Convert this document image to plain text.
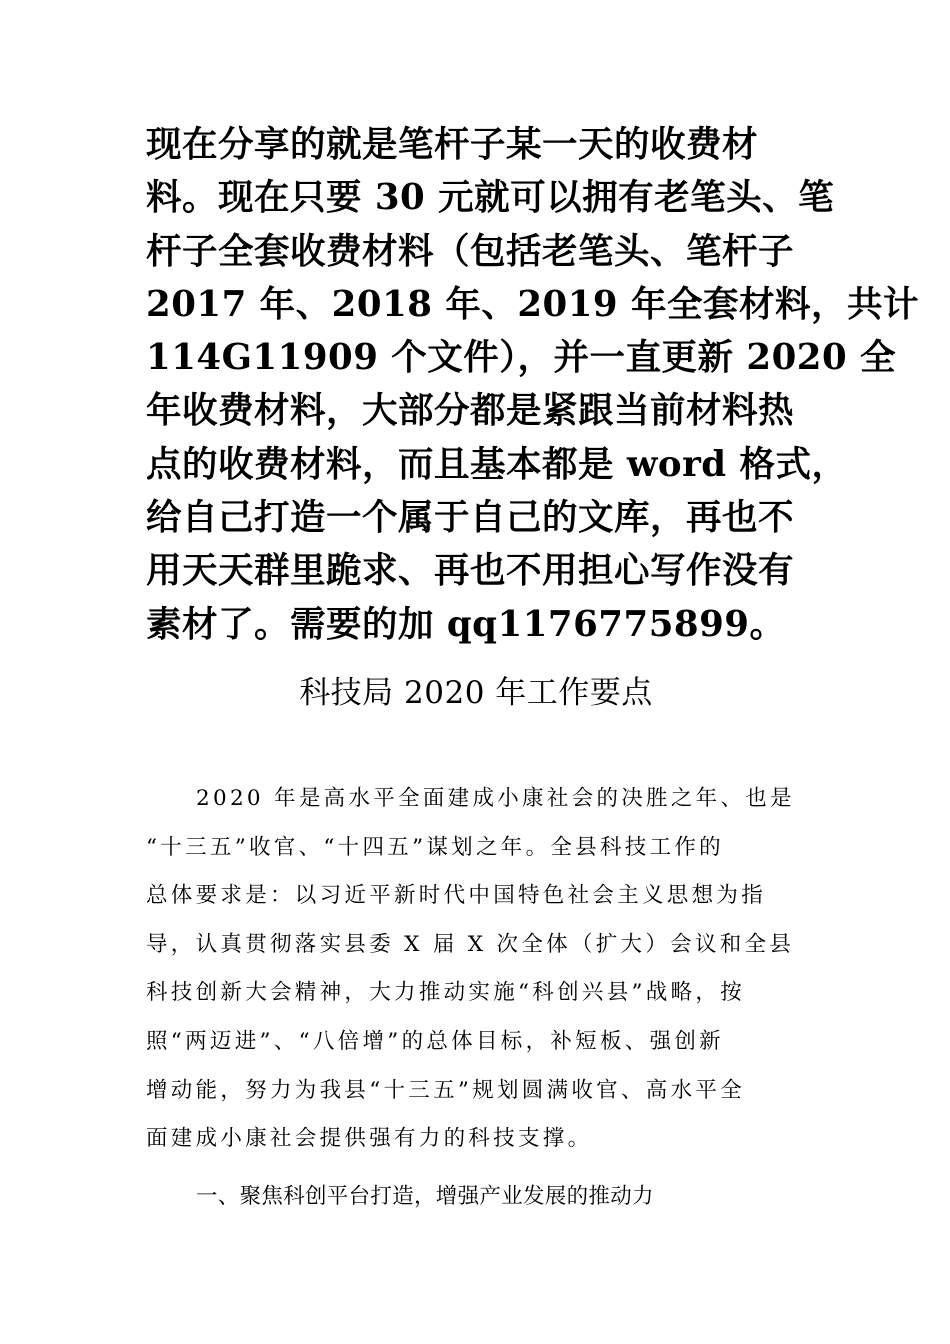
现在分享的就是笔杆子某一天的收费材
料。现在只要 30 元就可以拥有老笔头、笔
杆子全套收费材料（包括老笔头、笔杆子
2017 年、2018 年、2019 年全套材料，共计
114G11909 个文件），并一直更新 2020 全
年收费材料，大部分都是紧跟当前材料热
点的收费材料，而且基本都是 word 格式，
给自己打造一个属于自己的文库，再也不
用天天群里跪求、再也不用担心写作没有
素材了。需要的加 qq1176775899。
科技局 2020 年工作要点
2020 年是高水平全面建成小康社会的决胜之年、也是
“十三五”收官、“十四五”谋划之年。全县科技工作的
总体要求是：以习近平新时代中国特色社会主义思想为指
导，认真贯彻落实县委 X 届 X 次全体（扩大）会议和全县
科技创新大会精神，大力推动实施“科创兴县”战略，按
照“两迈进”、“八倍增”的总体目标，补短板、强创新
增动能，努力为我县“十三五”规划圆满收官、高水平全
面建成小康社会提供强有力的科技支撑。
一、聚焦科创平台打造，增强产业发展的推动力
